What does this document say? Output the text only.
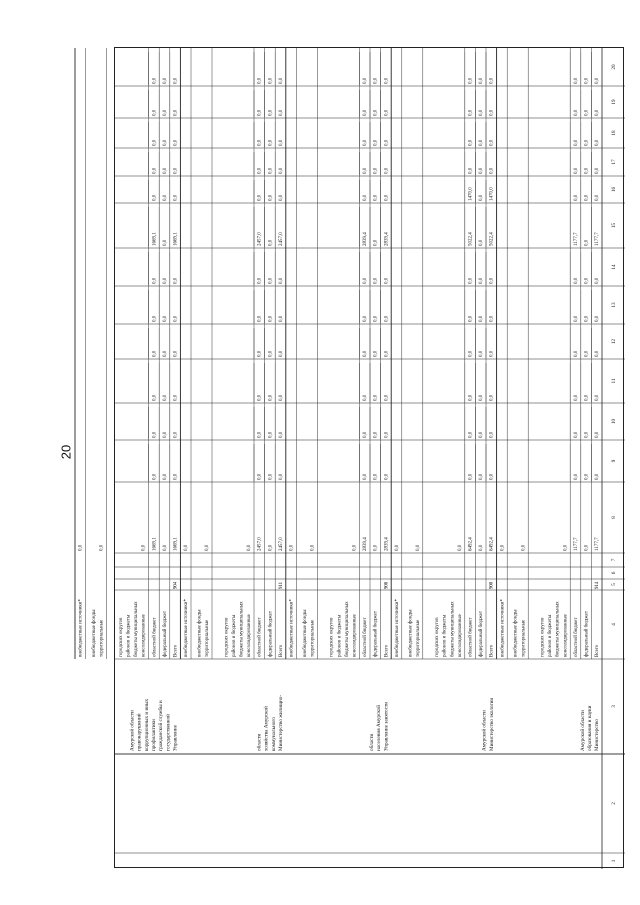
20
1
2
3
4
5
6
7
8
9
10
11
12
13
14
15
16
17
18
19
20
Министерство
образования и науки
Амурской области
914
Всего
1177,7
0,0
0,0
0,0
0,0
0,0
0,0
1177,7
0,0
0,0
0,0
0,0
0,0
федеральный бюджет
0,0
0,0
0,0
0,0
0,0
0,0
0,0
0,0
0,0
0,0
0,0
0,0
0,0
областной бюджет
1177,7
0,0
0,0
0,0
0,0
0,0
0,0
1177,7
0,0
0,0
0,0
0,0
0,0
консолидированные
бюджеты муниципальных
районов и бюджеты
городских округов
0,0
территориальные
внебюджетные фонды
0,0
внебюджетные источники*
0,0
Министерство экологии
Амурской области
900
Всего
6492,4
0,0
0,0
0,0
0,0
0,0
0,0
5022,4
1470,0
0,0
0,0
0,0
0,0
федеральный бюджет
0,0
0,0
0,0
0,0
0,0
0,0
0,0
0,0
0,0
0,0
0,0
0,0
0,0
областной бюджет
6492,4
0,0
0,0
0,0
0,0
0,0
0,0
5022,4
1470,0
0,0
0,0
0,0
0,0
консолидированные
бюджеты муниципальных
районов и бюджеты
городских округов
0,0
территориальные
внебюджетные фонды
0,0
внебюджетные источники*
0,0
Управление занятости
населения Амурской
области
908
Всего
2839,4
0,0
0,0
0,0
0,0
0,0
0,0
2839,4
0,0
0,0
0,0
0,0
0,0
федеральный бюджет
0,0
0,0
0,0
0,0
0,0
0,0
0,0
0,0
0,0
0,0
0,0
0,0
0,0
областной бюджет
2839,4
0,0
0,0
0,0
0,0
0,0
0,0
2839,4
0,0
0,0
0,0
0,0
0,0
консолидированные
бюджеты муниципальных
районов и бюджеты
городских округов
0,0
территориальные
внебюджетные фонды
0,0
внебюджетные источники*
0,0
Министерство жилищно-
коммунального
хозяйства Амурской
области
911
Всего
2457,0
0,0
0,0
0,0
0,0
0,0
0,0
2457,0
0,0
0,0
0,0
0,0
0,0
федеральный бюджет
0,0
0,0
0,0
0,0
0,0
0,0
0,0
0,0
0,0
0,0
0,0
0,0
0,0
областной бюджет
2457,0
0,0
0,0
0,0
0,0
0,0
0,0
2457,0
0,0
0,0
0,0
0,0
0,0
консолидированные
бюджеты муниципальных
районов и бюджеты
городских округов
0,0
территориальные
внебюджетные фонды
0,0
внебюджетные источники*
0,0
Управление
государственной
гражданской службы и
профилактики
коррупционных и иных
правонарушений
Амурской области
904
Всего
1669,1
0,0
0,0
0,0
0,0
0,0
0,0
1669,1
0,0
0,0
0,0
0,0
0,0
федеральный бюджет
0,0
0,0
0,0
0,0
0,0
0,0
0,0
0,0
0,0
0,0
0,0
0,0
0,0
областной бюджет
1669,1
0,0
0,0
0,0
0,0
0,0
0,0
1669,1
0,0
0,0
0,0
0,0
0,0
консолидированные
бюджеты муниципальных
районов и бюджеты
городских округов
0,0
территориальные
внебюджетные фонды
0,0
внебюджетные источники*
0,0
